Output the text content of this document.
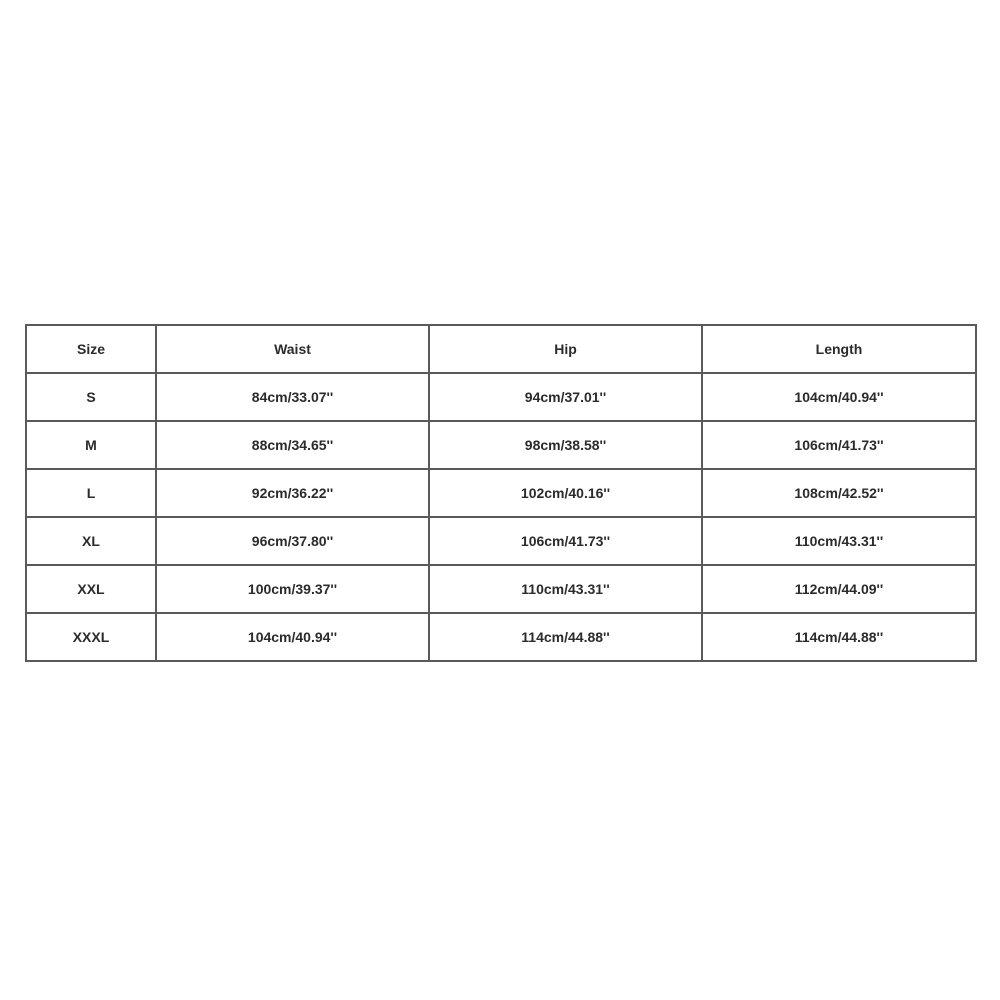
Size	Waist	Hip	Length
S	84cm/33.07''	94cm/37.01''	104cm/40.94''
M	88cm/34.65''	98cm/38.58''	106cm/41.73''
L	92cm/36.22''	102cm/40.16''	108cm/42.52''
XL	96cm/37.80''	106cm/41.73''	110cm/43.31''
XXL	100cm/39.37''	110cm/43.31''	112cm/44.09''
XXXL	104cm/40.94''	114cm/44.88''	114cm/44.88''
